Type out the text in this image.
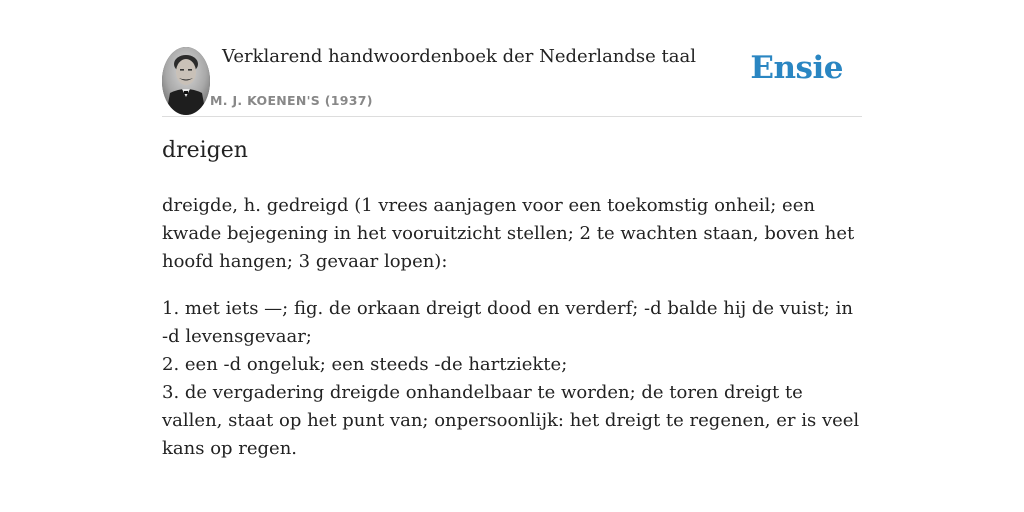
Verklarend handwoordenboek der Nederlandse taal
M. J. KOENEN'S (1937)
Ensie
dreigen

dreigde, h. gedreigd (1 vrees aanjagen voor een toekomstig onheil; een kwade bejegening in het vooruitzicht stellen; 2 te wachten staan, boven het hoofd hangen; 3 gevaar lopen):

1. met iets —; fig. de orkaan dreigt dood en verderf; -d balde hij de vuist; in -d levensgevaar;

2. een -d ongeluk; een steeds -de hartziekte;

3. de vergadering dreigde onhandelbaar te worden; de toren dreigt te vallen, staat op het punt van; onpersoonlijk: het dreigt te regenen, er is veel kans op regen.
